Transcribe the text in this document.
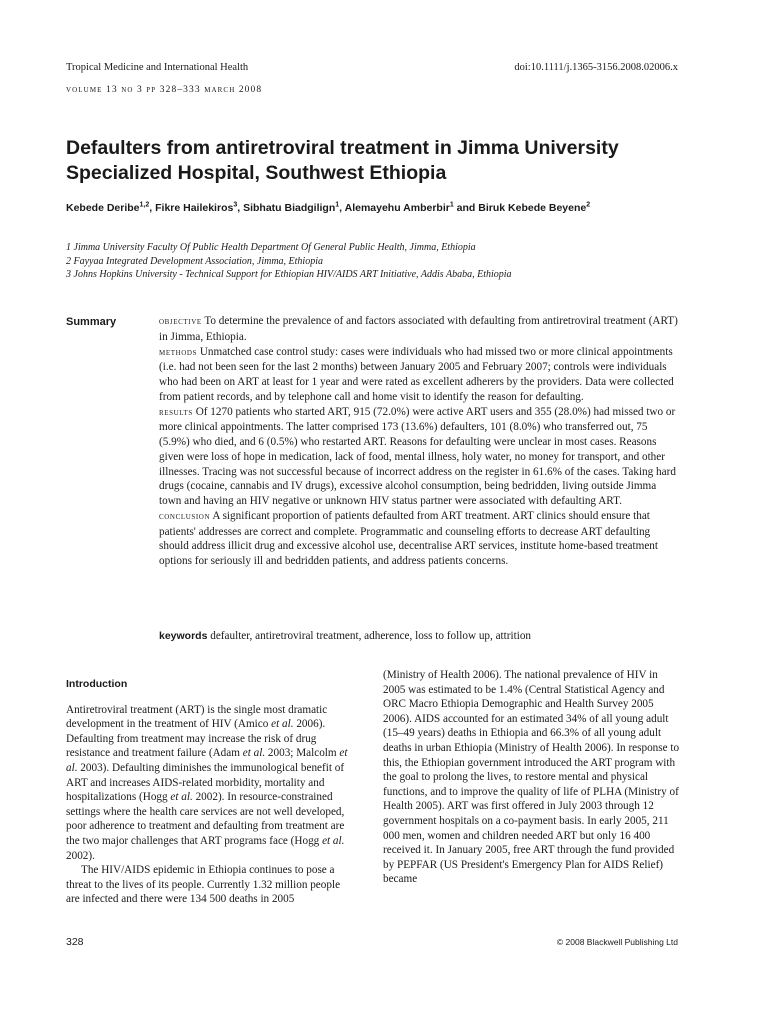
Tropical Medicine and International Health	doi:10.1111/j.1365-3156.2008.02006.x
volume 13 no 3 pp 328–333 march 2008
Defaulters from antiretroviral treatment in Jimma University
Specialized Hospital, Southwest Ethiopia
Kebede Deribe$^{1,2}$, Fikre Hailekiros$^3$, Sibhatu Biadgilign$^1$, Alemayehu Amberbir$^1$ and Biruk Kebede Beyene$^2$
1 Jimma University Faculty Of Public Health Department Of General Public Health, Jimma, Ethiopia
2 Fayyaa Integrated Development Association, Jimma, Ethiopia
3 Johns Hopkins University - Technical Support for Ethiopian HIV/AIDS ART Initiative, Addis Ababa, Ethiopia
Summary	objective To determine the prevalence of and factors associated with defaulting from antiretroviral treatment (ART) in Jimma, Ethiopia.

methods Unmatched case control study: cases were individuals who had missed two or more clinical appointments (i.e. had not been seen for the last 2 months) between January 2005 and February 2007; controls were individuals who had been on ART at least for 1 year and were rated as excellent adherers by the providers. Data were collected from patient records, and by telephone call and home visit to identify the reason for defaulting.

results Of 1270 patients who started ART, 915 (72.0%) were active ART users and 355 (28.0%) had missed two or more clinical appointments. The latter comprised 173 (13.6%) defaulters, 101 (8.0%) who transferred out, 75 (5.9%) who died, and 6 (0.5%) who restarted ART. Reasons for defaulting were unclear in most cases. Reasons given were loss of hope in medication, lack of food, mental illness, holy water, no money for transport, and other illnesses. Tracing was not successful because of incorrect address on the register in 61.6% of the cases. Taking hard drugs (cocaine, cannabis and IV drugs), excessive alcohol consumption, being bedridden, living outside Jimma town and having an HIV negative or unknown HIV status partner were associated with defaulting ART.

conclusion A significant proportion of patients defaulted from ART treatment. ART clinics should ensure that patients' addresses are correct and complete. Programmatic and counseling efforts to decrease ART defaulting should address illicit drug and excessive alcohol use, decentralise ART services, institute home-based treatment options for seriously ill and bedridden patients, and address patients concerns.

keywords defaulter, antiretroviral treatment, adherence, loss to follow up, attrition
Introduction

Antiretroviral treatment (ART) is the single most dramatic development in the treatment of HIV (Amico et al. 2006). Defaulting from treatment may increase the risk of drug resistance and treatment failure (Adam et al. 2003; Malcolm et al. 2003). Defaulting diminishes the immunological benefit of ART and increases AIDS-related morbidity, mortality and hospitalizations (Hogg et al. 2002). In resource-constrained settings where the health care services are not well developed, poor adherence to treatment and defaulting from treatment are the two major challenges that ART programs face (Hogg et al. 2002).

The HIV/AIDS epidemic in Ethiopia continues to pose a threat to the lives of its people. Currently 1.32 million people are infected and there were 134 500 deaths in 2005

(Ministry of Health 2006). The national prevalence of HIV in 2005 was estimated to be 1.4% (Central Statistical Agency and ORC Macro Ethiopia Demographic and Health Survey 2005 2006). AIDS accounted for an estimated 34% of all young adult (15–49 years) deaths in Ethiopia and 66.3% of all young adult deaths in urban Ethiopia (Ministry of Health 2006). In response to this, the Ethiopian government introduced the ART program with the goal to prolong the lives, to restore mental and physical functions, and to improve the quality of life of PLHA (Ministry of Health 2005). ART was first offered in July 2003 through 12 government hospitals on a co-payment basis. In early 2005, 211 000 men, women and children needed ART but only 16 400 received it. In January 2005, free ART through the fund provided by PEPFAR (US President's Emergency Plan for AIDS Relief) became

328	© 2008 Blackwell Publishing Ltd
